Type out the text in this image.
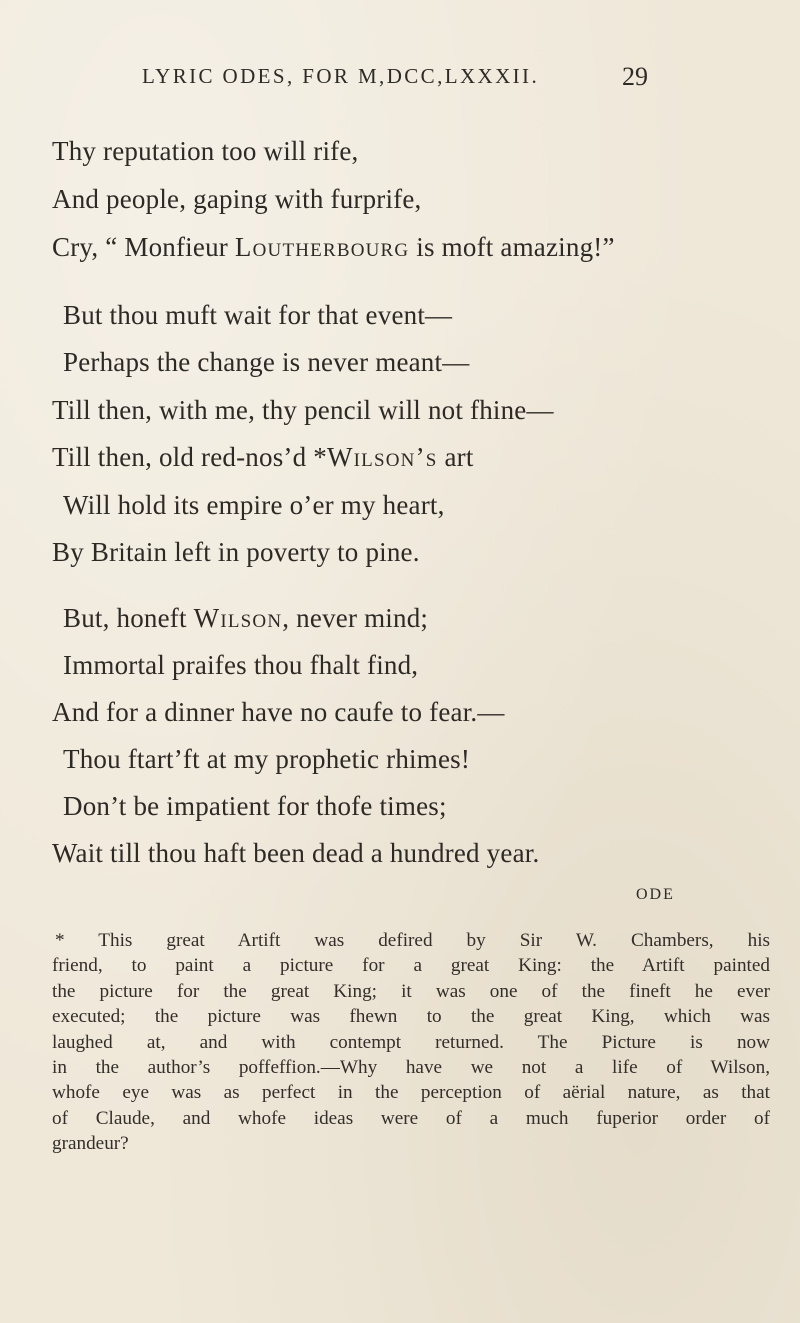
LYRIC ODES, FOR M,DCC,LXXXII.	29
Thy reputation too will rife,
And people, gaping with furprife,
Cry, “ Monfieur Loutherbourg is moft amazing!”
But thou muft wait for that event—
Perhaps the change is never meant—
Till then, with me, thy pencil will not fhine—
Till then, old red-nos’d *Wilson’s art
Will hold its empire o’er my heart,
By Britain left in poverty to pine.
But, honeft Wilson, never mind;
Immortal praifes thou fhalt find,
And for a dinner have no caufe to fear.—
Thou ftart’ft at my prophetic rhimes!
Don’t be impatient for thofe times;
Wait till thou haft been dead a hundred year.
ODE
* This great Artift was defired by Sir W. Chambers, his
friend, to paint a picture for a great King: the Artift painted
the picture for the great King; it was one of the fineft he ever
executed; the picture was fhewn to the great King, which was
laughed at, and with contempt returned. The Picture is now
in the author’s poffeffion.—Why have we not a life of Wilson,
whofe eye was as perfect in the perception of aërial nature, as that
of Claude, and whofe ideas were of a much fuperior order of
grandeur?
